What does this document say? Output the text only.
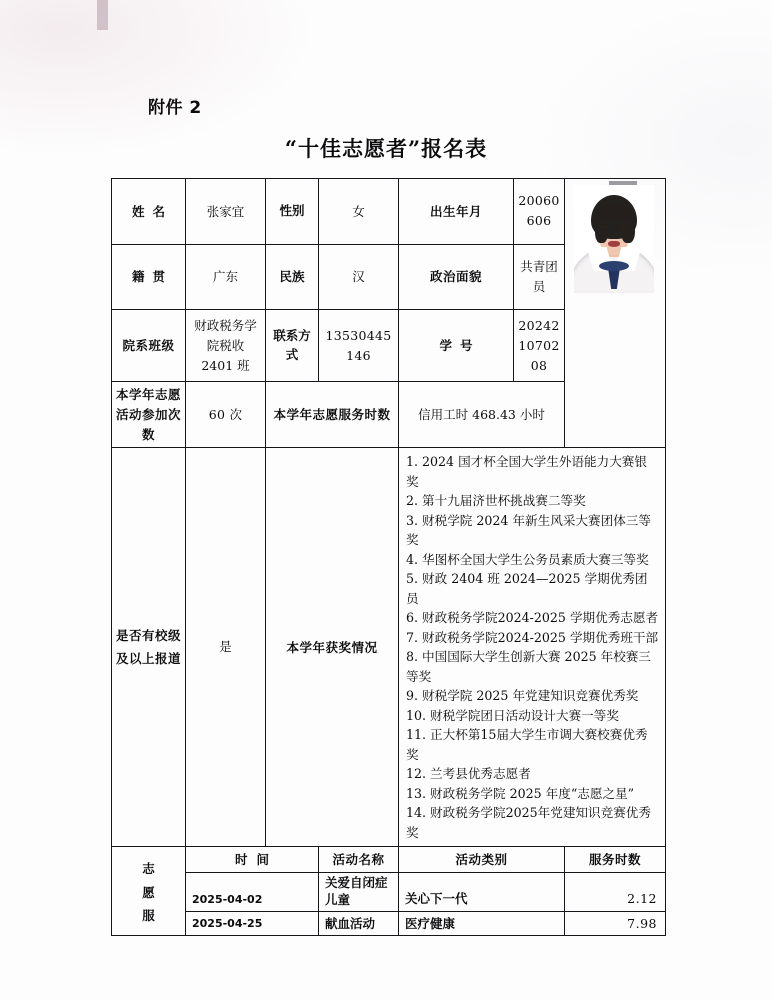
附件 2
“十佳志愿者”报名表
姓名	张家宜	性别	女	出生年月	20060606	

籍贯	广东	民族	汉	政治面貌	共青团员	
院系班级	财政税务学院税收 2401 班	联系方式	13530445146	学号	202421070208	
本学年志愿活动参加次数	60 次	本学年志愿服务时数		信用工时 468.43 小时		
是否有校级及以上报道	是	本学年获奖情况	
1. 2024 国才杯全国大学生外语能力大赛银奖
2. 第十九届济世杯挑战赛二等奖
3. 财税学院 2024 年新生风采大赛团体三等奖
4. 华图杯全国大学生公务员素质大赛三等奖
5. 财政 2404 班 2024—2025 学期优秀团员
6. 财政税务学院2024-2025 学期优秀志愿者
7. 财政税务学院2024-2025 学期优秀班干部
8. 中国国际大学生创新大赛 2025 年校赛三等奖
9. 财税学院 2025 年党建知识竞赛优秀奖
10. 财税学院团日活动设计大赛一等奖
11. 正大杯第15届大学生市调大赛校赛优秀奖
12. 兰考县优秀志愿者
13. 财政税务学院 2025 年度“志愿之星”
14. 财政税务学院2025年党建知识竞赛优秀奖

志愿服	时间		活动名称	活动类别		服务时数
	2025-04-02		关爱自闭症儿童	关心下一代		2.12
	2025-04-25		献血活动	医疗健康		7.98
